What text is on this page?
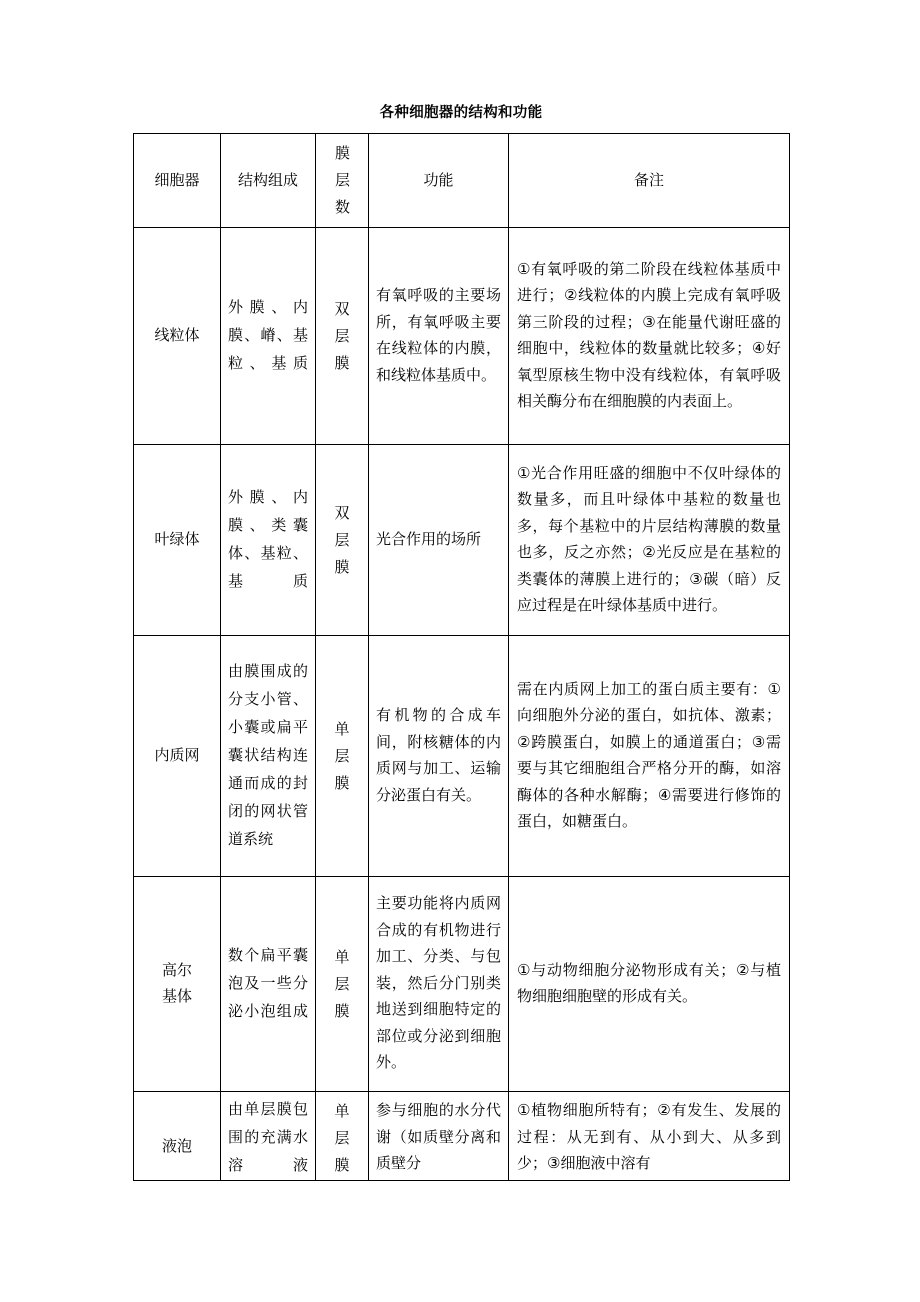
各种细胞器的结构和功能
细胞器	结构组成	膜层数	功能	备注

线粒体	外膜、内膜、嵴、基粒、基质	双层膜	有氧呼吸的主要场所，有氧呼吸主要在线粒体的内膜，和线粒体基质中。	①有氧呼吸的第二阶段在线粒体基质中进行；②线粒体的内膜上完成有氧呼吸第三阶段的过程；③在能量代谢旺盛的细胞中，线粒体的数量就比较多；④好氧型原核生物中没有线粒体，有氧呼吸相关酶分布在细胞膜的内表面上。

叶绿体	外膜、内膜、类囊体、基粒、基质	双层膜	光合作用的场所	①光合作用旺盛的细胞中不仅叶绿体的数量多，而且叶绿体中基粒的数量也多，每个基粒中的片层结构薄膜的数量也多，反之亦然；②光反应是在基粒的类囊体的薄膜上进行的；③碳（暗）反应过程是在叶绿体基质中进行。

内质网	由膜围成的分支小管、小囊或扁平囊状结构连通而成的封闭的网状管道系统	单层膜	有机物的合成车间，附核糖体的内质网与加工、运输分泌蛋白有关。	需在内质网上加工的蛋白质主要有：①向细胞外分泌的蛋白，如抗体、激素；②跨膜蛋白，如膜上的通道蛋白；③需要与其它细胞组合严格分开的酶，如溶酶体的各种水解酶；④需要进行修饰的蛋白，如糖蛋白。

高尔基体	数个扁平囊泡及一些分泌小泡组成	单层膜	主要功能将内质网合成的有机物进行加工、分类、与包装，然后分门别类地送到细胞特定的部位或分泌到细胞外。	①与动物细胞分泌物形成有关；②与植物细胞细胞壁的形成有关。

液泡	由单层膜包围的充满水溶液	单层膜	参与细胞的水分代谢（如质壁分离和质壁分	①植物细胞所特有；②有发生、发展的过程：从无到有、从小到大、从多到少；③细胞液中溶有
